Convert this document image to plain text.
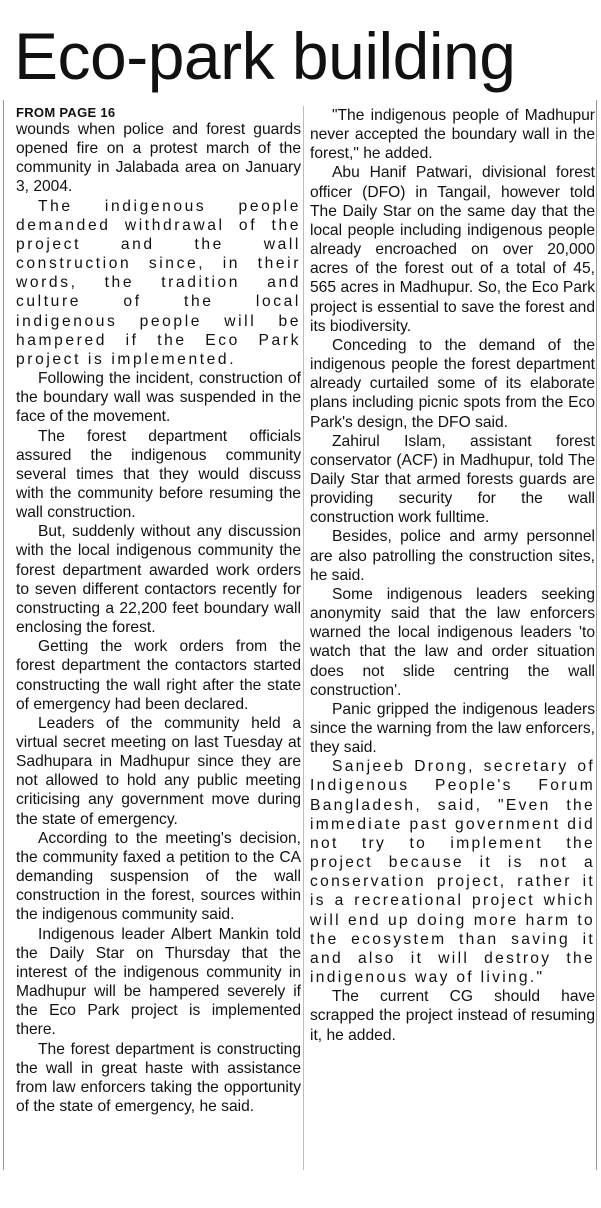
Eco-park building
FROM PAGE 16

wounds when police and forest guards opened fire on a protest march of the community in Jalabada area on January 3, 2004.

The indigenous people demanded withdrawal of the project and the wall construction since, in their words, the tradition and culture of the local indigenous people will be hampered if the Eco Park project is implemented.

Following the incident, construction of the boundary wall was suspended in the face of the movement.

The forest department officials assured the indigenous community several times that they would discuss with the community before resuming the wall construction.

But, suddenly without any discussion with the local indigenous community the forest department awarded work orders to seven different contactors recently for constructing a 22,200 feet boundary wall enclosing the forest.

Getting the work orders from the forest department the contactors started constructing the wall right after the state of emergency had been declared.

Leaders of the community held a virtual secret meeting on last Tuesday at Sadhupara in Madhupur since they are not allowed to hold any public meeting criticising any government move during the state of emergency.

According to the meeting's decision, the community faxed a petition to the CA demanding suspension of the wall construction in the forest, sources within the indigenous community said.

Indigenous leader Albert Mankin told the Daily Star on Thursday that the interest of the indigenous community in Madhupur will be hampered severely if the Eco Park project is implemented there.

The forest department is constructing the wall in great haste with assistance from law enforcers taking the opportunity of the state of emergency, he said.

"The indigenous people of Madhupur never accepted the boundary wall in the forest," he added.

Abu Hanif Patwari, divisional forest officer (DFO) in Tangail, however told The Daily Star on the same day that the local people including indigenous people already encroached on over 20,000 acres of the forest out of a total of 45, 565 acres in Madhupur. So, the Eco Park project is essential to save the forest and its biodiversity.

Conceding to the demand of the indigenous people the forest department already curtailed some of its elaborate plans including picnic spots from the Eco Park's design, the DFO said.

Zahirul Islam, assistant forest conservator (ACF) in Madhupur, told The Daily Star that armed forests guards are providing security for the wall construction work fulltime.

Besides, police and army personnel are also patrolling the construction sites, he said.

Some indigenous leaders seeking anonymity said that the law enforcers warned the local indigenous leaders 'to watch that the law and order situation does not slide centring the wall construction'.

Panic gripped the indigenous leaders since the warning from the law enforcers, they said.

Sanjeeb Drong, secretary of Indigenous People's Forum Bangladesh, said, "Even the immediate past government did not try to implement the project because it is not a conservation project, rather it is a recreational project which will end up doing more harm to the ecosystem than saving it and also it will destroy the indigenous way of living."

The current CG should have scrapped the project instead of resuming it, he added.
